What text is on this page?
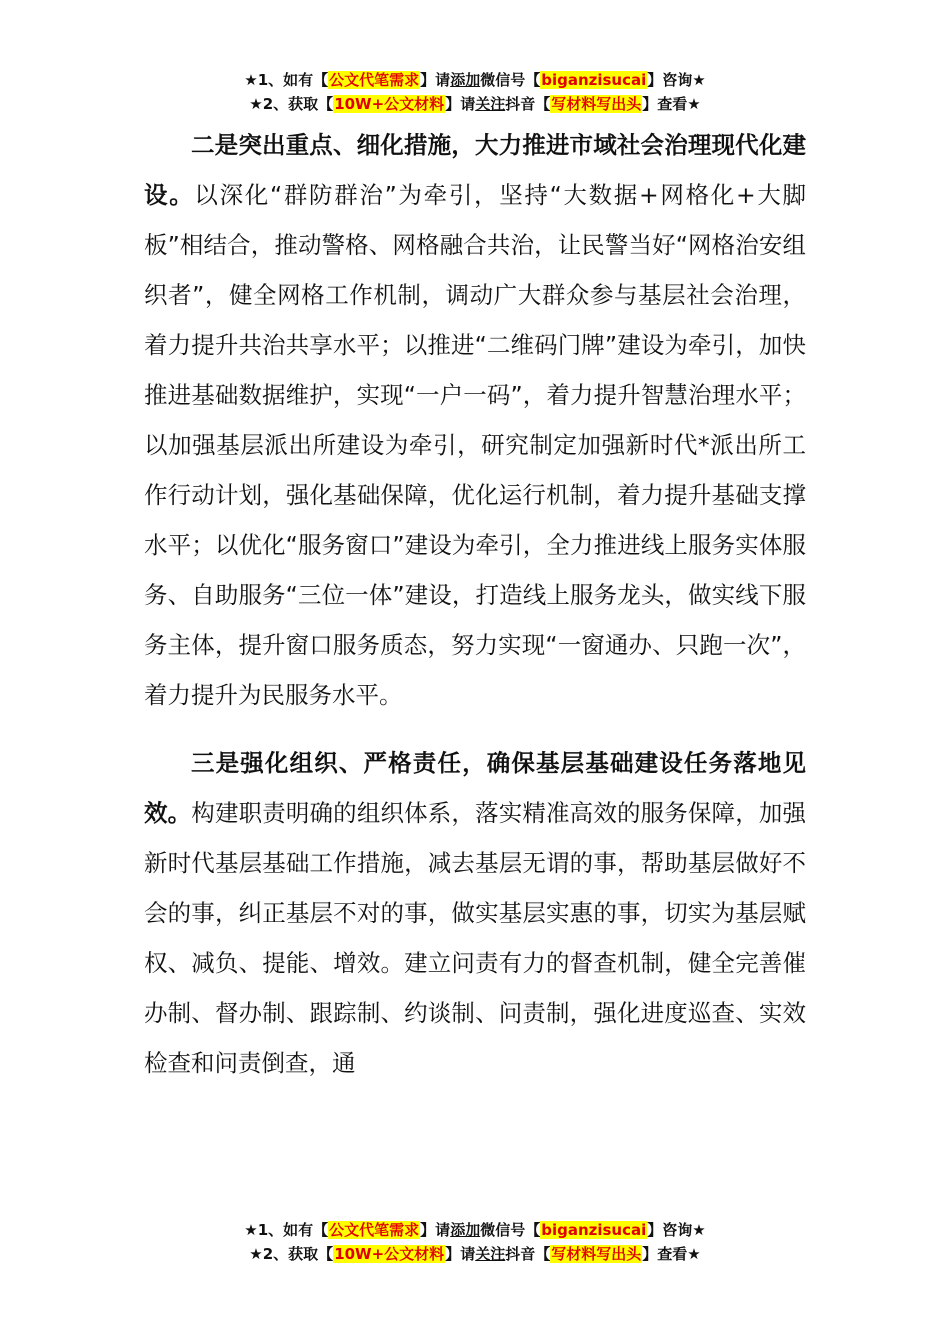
★1、如有【公文代笔需求】请添加微信号【biganzisucai】咨询★
★2、获取【10W+公文材料】请关注抖音【写材料写出头】查看★

二是突出重点、细化措施，大力推进市域社会治理现代化建设。以深化“群防群治”为牵引，坚持“大数据+网格化+大脚板”相结合，推动警格、网格融合共治，让民警当好“网格治安组织者”，健全网格工作机制，调动广大群众参与基层社会治理，着力提升共治共享水平；以推进“二维码门牌”建设为牵引，加快推进基础数据维护，实现“一户一码”，着力提升智慧治理水平；以加强基层派出所建设为牵引，研究制定加强新时代*派出所工作行动计划，强化基础保障，优化运行机制，着力提升基础支撑水平；以优化“服务窗口”建设为牵引，全力推进线上服务实体服务、自助服务“三位一体”建设，打造线上服务龙头，做实线下服务主体，提升窗口服务质态，努力实现“一窗通办、只跑一次”，着力提升为民服务水平。

三是强化组织、严格责任，确保基层基础建设任务落地见效。构建职责明确的组织体系，落实精准高效的服务保障，加强新时代基层基础工作措施，减去基层无谓的事，帮助基层做好不会的事，纠正基层不对的事，做实基层实惠的事，切实为基层赋权、减负、提能、增效。建立问责有力的督查机制，健全完善催办制、督办制、跟踪制、约谈制、问责制，强化进度巡查、实效检查和问责倒查，通

★1、如有【公文代笔需求】请添加微信号【biganzisucai】咨询★
★2、获取【10W+公文材料】请关注抖音【写材料写出头】查看★
